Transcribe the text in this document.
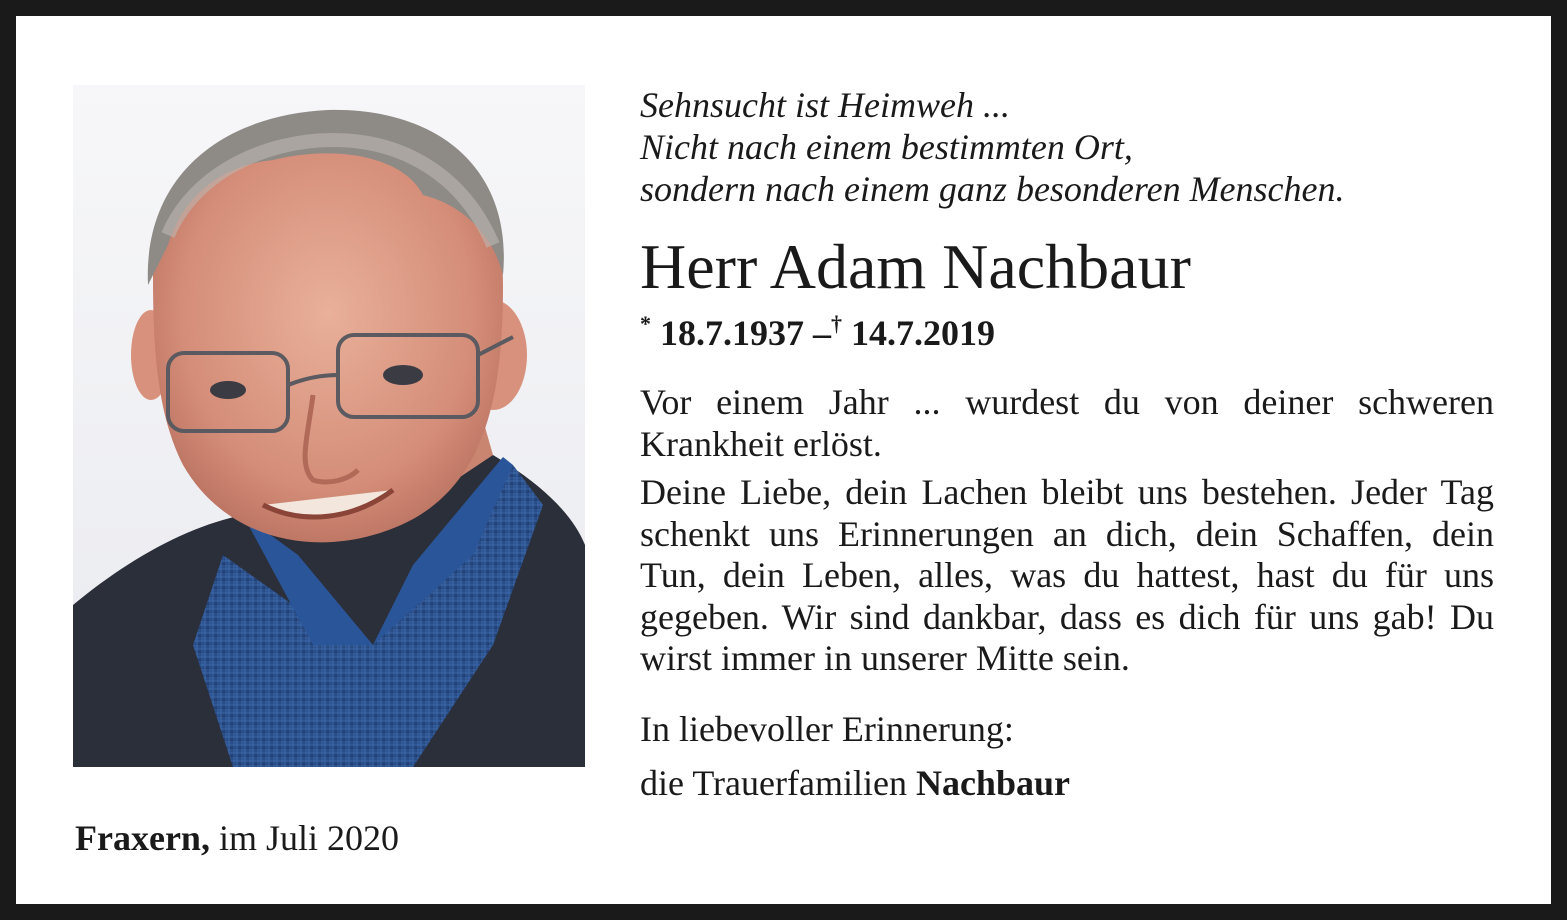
Fraxern, im Juli 2020
Sehnsucht ist Heimweh ...
Nicht nach einem bestimmten Ort,
sondern nach einem ganz besonderen Menschen.
Herr Adam Nachbaur
* 18.7.1937 –† 14.7.2019
Vor einem Jahr ... wurdest du von deiner schweren Krankheit erlöst.
Deine Liebe, dein Lachen bleibt uns bestehen. Jeder Tag schenkt uns Erinnerungen an dich, dein Schaffen, dein Tun, dein Leben, alles, was du hattest, hast du für uns gegeben. Wir sind dankbar, dass es dich für uns gab! Du wirst immer in unserer Mitte sein.
In liebevoller Erinnerung:
die Trauerfamilien Nachbaur
